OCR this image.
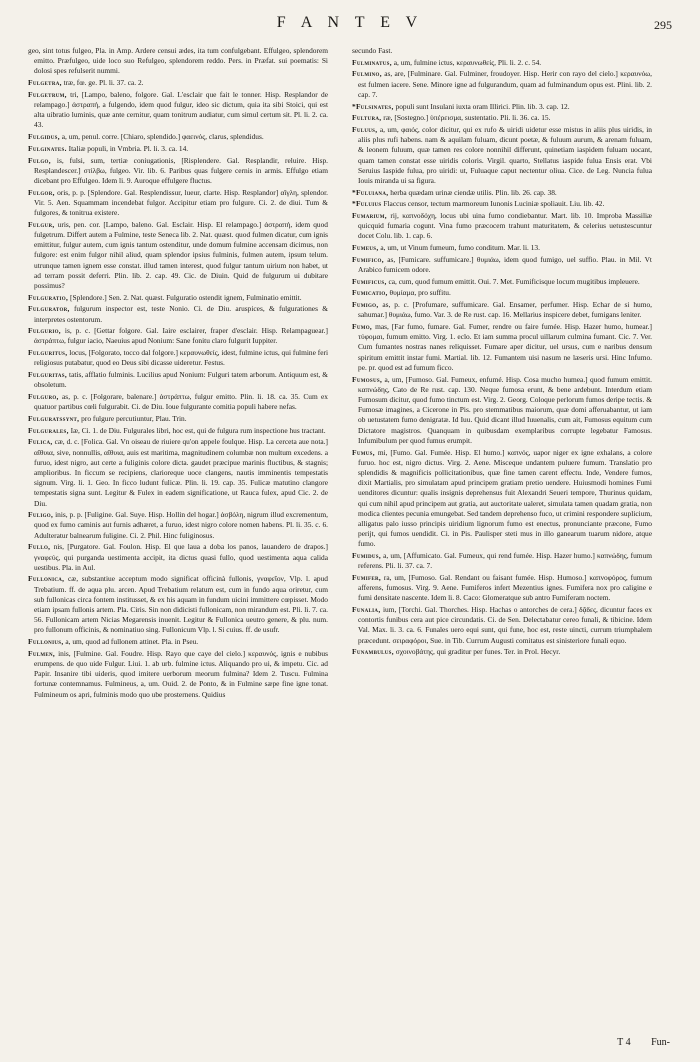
F A N T E V	295

geo, sint totus fulgeo, Pla. in Amp. Ardere censui ædes, ita tum confulgebant. Effulgeo, splendorem emitto. Præfulgeo, uide loco suo Refulgeo, splendorem reddo. Pers. in Præfat. sui poematis: Si dolosi spes refulserit nummi.

Fulgetra, træ, fœ. ge. Pl. li. 37. ca. 2.

Fulgetrum, tri, [Lampo, baleno, folgore. Gal. L'esclair que fait le tonner. Hisp. Resplandor de relampago.] ἀστραπή, a fulgendo, idem quod fulgur, ideo sic dictum, quia ita sibi Stoici, qui est alta uibratio luminis, quæ ante cernitur, quam tonitrum audiatur, cum simul certum sit. Pl. li. 2. ca. 43.

Fulgidus, a, um, penul. corre. [Chiaro, splendido.] φαεινός, clarus, splendidus.

Fulginates. Italiæ populi, in Vmbria. Pl. li. 3. ca. 14.

Fulgo, is, fulsi, sum, tertiæ coniugationis, [Risplendere. Gal. Resplandir, reluire. Hisp. Resplandescer.] στίλβω, fulgeo. Vir. lib. 6. Paribus quas fulgere cernis in armis. Effulgo etiam dicebant pro Effulgeo. Idem li. 9. Auroque effulgere fluctus.

Fulgor, oris, p. p. [Splendore. Gal. Resplendissur, lueur, clarte. Hisp. Resplandor] αἴγλη, splendor. Vir. 5. Aen. Squammam incendebat fulgor. Accipitur etiam pro fulgure. Ci. 2. de diui. Tum & fulgores, & tonitrua existere.

Fulgur, uris, pen. cor. [Lampo, baleno. Gal. Esclair. Hisp. El relampago.] ἀστραπή, idem quod fulgetrum. Differt autem a Fulmine, teste Seneca lib. 2. Nat. quæst. quod fulmen dicatur, cum ignis emittitur, fulgur autem, cum ignis tantum ostenditur, unde domum fulmine accensam dicimus, non fulgore: est enim fulgor nihil aliud, quam splendor ipsius fulminis, fulmen autem, ipsum telum. utrunque tamen ignem esse constat. illud tamen interest, quod fulgur tantum uirium non habet, ut ad terram possit deferri. Plin. lib. 2. cap. 49. Cic. de Diuin. Quid de fulgurum ui dubitare possimus?

Fulguratio, [Splendore.] Sen. 2. Nat. quæst. Fulguratio ostendit ignem, Fulminatio emittit.

Fulgurator, fulgurum inspector est, teste Nonio. Ci. de Diu. aruspices, & fulgurationes & interpretes ostentorum.

Fulgurio, is, p. c. [Gettar folgore. Gal. Iaire esclairer, fraper d'esclair. Hisp. Relampaguear.] ἀστράπτω, fulgur iacio, Naeuius apud Nonium: Sane fonitu claro fulgurit Iuppiter.

Fulguritus, locus, [Folgorato, tocco dal folgore.] κεραυνωθείς, idest, fulmine ictus, qui fulmine feri religiosus putabatur, quod eo Deus sibi dicasse uideretur. Festus.

Fulguritas, tatis, afflatio fulminis. Lucilius apud Nonium: Fulguri tatem arborum. Antiquum est, & obsoletum.

Fulguro, as, p. c. [Folgorare, balenare.] ἀστράπτω, fulgur emitto. Plin. li. 18. ca. 35. Cum ex quatuor partibus cœli fulgurabit. Ci. de Diu. Ioue fulgurante comitia populi habere nefas.

Fulguratssynt, pro fulgure percutiuntur, Plau. Trin.

Fulgurales, Iæ, Ci. 1. de Diu. Fulgurales libri, hoc est, qui de fulgura rum inspectione hus tractant.

Fulica, cæ, d. c. [Folica. Gal. Vn oiseau de riuiere qu'on appele foulque. Hisp. La cerceta aue nota.] αἴθυια, sive, nonnullis, αἴθυια, auis est maritima, magnitudinem columbæ non multum excedens. a furuo, idest nigro, aut certe a fuliginis colore dicta. gaudet præcipue marinis fluctibus, & stagnis; amplioribus. In ficcum se recipiens, clarioreque uoce clangens, nautis imminentis tempestatis signum. Virg. li. 1. Geo. In ficco ludunt fulicæ. Plin. li. 19. cap. 35. Fulicæ matutino clangore tempestatis signa sunt. Legitur & Fulex in eadem significatione, ut Rauca fulex, apud Cic. 2. de Diu.

Fuligo, inis, p. p. [Fuligine. Gal. Suye. Hisp. Hollin del hogar.] ἀσβόλη, nigrum illud excrementum, quod ex fumo caminis aut furnis adhæret, a furuo, idest nigro colore nomen habens. Pl. li. 35. c. 6. Adulteratur balnearum fuligine. Ci. 2. Phil. Hinc fuliginosus.

Fullo, nis, [Purgatore. Gal. Foulon. Hisp. El que laua a doba los panos, lauandero de drapos.] γναφεύς, qui purganda uestimenta accipit, ita dictus quasi fullo, quod uestimenta aqua calida uestibus. Pla. in Aul.

Fullonica, cæ, substantiue acceptum modo significat officinà fullonis, γναφεῖον, Vlp. l. apud Trebatium. ff. de aqua plu. arcen. Apud Trebatium relatum est, cum in fundo aqua oriretur, cum sub fullonicas circa fontem institusset, & ex his aquam in fundum uicini immittere cœpisset. Modo etiam ipsam fullonis artem. Pla. Ciris. Sin non didicisti fullonicam, non mirandum est. Pli. li. 7. ca. 56. Fullonicam artem Nicias Megarensis inuenit. Legitur & Fullonica ueutro genere, & plu. num. pro fullonum officinis, & nominatiuo sing. Fullonicum Vlp. l. Si cuius. ff. de usufr.

Fullonius, a, um, quod ad fullonem attinet. Pla. in Pseu.

Fulmen, inis, [Fulmine. Gal. Foudre. Hisp. Rayo que caye del cielo.] κεραυνός, ignis e nubibus erumpens. de quo uide Fulgur. Liui. 1. ab urb. fulmine ictus. Aliquando pro ui, & impetu. Cic. ad Papir. Insanire tibi uideris, quod imitere uerborum meorum fulmina? Idem 2. Tuscu. Fulmina fortunæ contemnamus. Fulmineus, a, um. Ouid. 2. de Ponto, & in Fulmine sæpe fine igne tonat. Fulmineum os apri, fulminis modo quo ube prosternens. Quidius

secundo Fast.

Fulminatus, a, um, fulmine ictus, κεραυνωθείς, Pli. li. 2. c. 54.

Fulmino, as, are, [Fulminare. Gal. Fulminer, froudoyer. Hisp. Herir con rayo del cielo.] κεραυνόω, est fulmen iacere. Sene. Minore igne ad fulgurandum, quam ad fulminandum opus est. Plini. lib. 2. cap. 7.

*Fulsinates, populi sunt Insulani iuxta oram Illirici. Plin. lib. 3. cap. 12.

Fultura, ræ, [Sostegno.] ὑπέρεισμα, sustentatio. Pli. li. 36. ca. 15.

Fuluus, a, um, φαιός, color dicitur, qui ex rufo & uiridi uidetur esse mistus in aliis plus uiridis, in aliis plus rufi habens. nam & aquilam fuluam, dicunt poetæ, & fuluum aurum, & arenam fuluam, & leonem fuluum, quæ tamen res colore nonnihil differunt, quinetiam iaspidem fuluam uocant, quam tamen constat esse uiridis coloris. Virgil. quarto, Stellatus iaspide fulua Ensis erat. Vbi Seruius Iaspide fulua, pro uiridi: ut, Fuluaque caput nectentur oliua. Cice. de Leg. Nuncia fulua Iouis miranda ui sa figura.

*Fuluiana, herba quædam urinæ ciendæ utilis. Plin. lib. 26. cap. 38.

*Fuluius Flaccus censor, tectum marmoreum Iunonis Luciniæ spoliauit. Liu. lib. 42.

Fumarium, rij, καπνοδόχη, locus ubi uina fumo condiebantur. Mart. lib. 10. Improba Massiliæ quicquid fumaria cogunt. Vina fumo præcocem trahunt maturitatem, & celerius uetustescuntur docet Colu. lib. 1. cap. 6.

Fumeus, a, um, ut Vinum fumeum, fumo conditum. Mar. li. 13.

Fumifico, as, [Fumicare. suffumicare.] θυμιάω, idem quod fumigo, uel suffio. Plau. in Mil. Vt Arabico fumicem odore.

Fumificus, ca, cum, quod fumum emittit. Oui. 7. Met. Fumificisque locum mugitibus impleuere.

Fumicatio, θυμίαμα, pro suffitu.

Fumigo, as, p. c. [Profumare, suffumicare. Gal. Ensamer, perfumer. Hisp. Echar de si humo, sahumar.] θυμιάω, fumo. Var. 3. de Re rust. cap. 16. Mellarius inspicere debet, fumigans leniter.

Fumo, mas, [Far fumo, fumare. Gal. Fumer, rendre ou faire fumée. Hisp. Hazer humo, humear.] τύφομαι, fumum emitto. Virg. 1. eclo. Et iam summa procul uillarum culmina fumant. Cic. 7. Ver. Cum fumantes nostras nanes reliquisset. Fumare aper dicitur, uel ursus, cum e naribus densum spiritum emittit instar fumi. Martial. lib. 12. Fumantem uisi nasum ne læseris ursi. Hinc Infumo. pe. pr. quod est ad fumum ficco.

Fumosus, a, um, [Fumoso. Gal. Fumeux, enfumé. Hisp. Cosa mucho humea.] quod fumum emittit. καπνώδης, Cato de Re rust. cap. 130. Neque fumosa erunt, & bene ardebunt. Interdum etiam Fumosum dicitur, quod fumo tinctum est. Virg. 2. Georg. Coloque perlorum fumos deripe tectis. & Fumosæ imagines, a Cicerone in Pis. pro stemmatibus maiorum, quæ domi afferuabantur, ut iam ob uetustatem fumo denigratæ. Id Iuu. Quid dicant illud Iuuenalis, cum ait, Fumosus equitum cum Dictatore magistros. Quanquam in quibusdam exemplaribus corrupte legebatur Famosus. Infumibulum per quod fumus erumpit.

Fumus, mi, [Fumo. Gal. Fumée. Hisp. El humo.] καπνός, uapor niger ex igne exhalans, a colore furuo. hoc est, nigro dictus. Virg. 2. Aene. Misceque undantem puluere fumum. Translatio pro splendidis & magnificis pollicitationibus, quæ fine tamen carent effectu. Inde, Vendere fumos, dixit Martialis, pro simulatam apud principem gratiam pretio uendere. Huiusmodi homines Fumi uenditores dicuntur: qualis insignis deprehensus fuit Alexandri Seueri tempore, Thurinus quidam, qui cum nihil apud principem aut gratia, aut auctoritate ualeret, simulata tamen quadam gratia, non modica clientes pecunia emungebat. Sed tandem deprehenso fuco, ut crimini respondere suplicium, alligatus palo iusso principis uiridium lignorum fumo est enectus, pronunciante præcone, Fumo perijt, qui fumos uendidit. Ci. in Pis. Paulisper steti mus in illo ganearum tuarum nidore, atque fumo.

Fumidus, a, um, [Affumicato. Gal. Fumeux, qui rend fumée. Hisp. Hazer humo.] καπνώδης, fumum referens. Pli. li. 37. ca. 7.

Fumifer, ra, um, [Fumoso. Gal. Rendant ou faisant fumée. Hisp. Humoso.] καπνοφόρος, fumum afferens, fumosus. Virg. 9. Aene. Fumiferos infert Mezentius ignes. Fumifera nox pro caligine e fumi densitate nascente. Idem li. 8. Caco: Glomeratque sub antro Fumiferam noctem.

Funalia, ium, [Torchi. Gal. Thorches. Hisp. Hachas o antorches de cera.] δᾷδες, dicuntur faces ex contortis funibus cera aut pice circundatis. Ci. de Sen. Delectabatur cereo funali, & tibicine. Idem Val. Max. li. 3. ca. 6. Funales uero equi sunt, qui fune, hoc est, reste uincti, currum triumphalem præcedunt. σειραφόροι, Sue. in Tib. Currum Augusti comitatus est sinisteriore funali equo.

Funambulus, σχοινοβάτης, qui graditur per funes. Ter. in Prol. Hecyr.

T 4 Fun-
